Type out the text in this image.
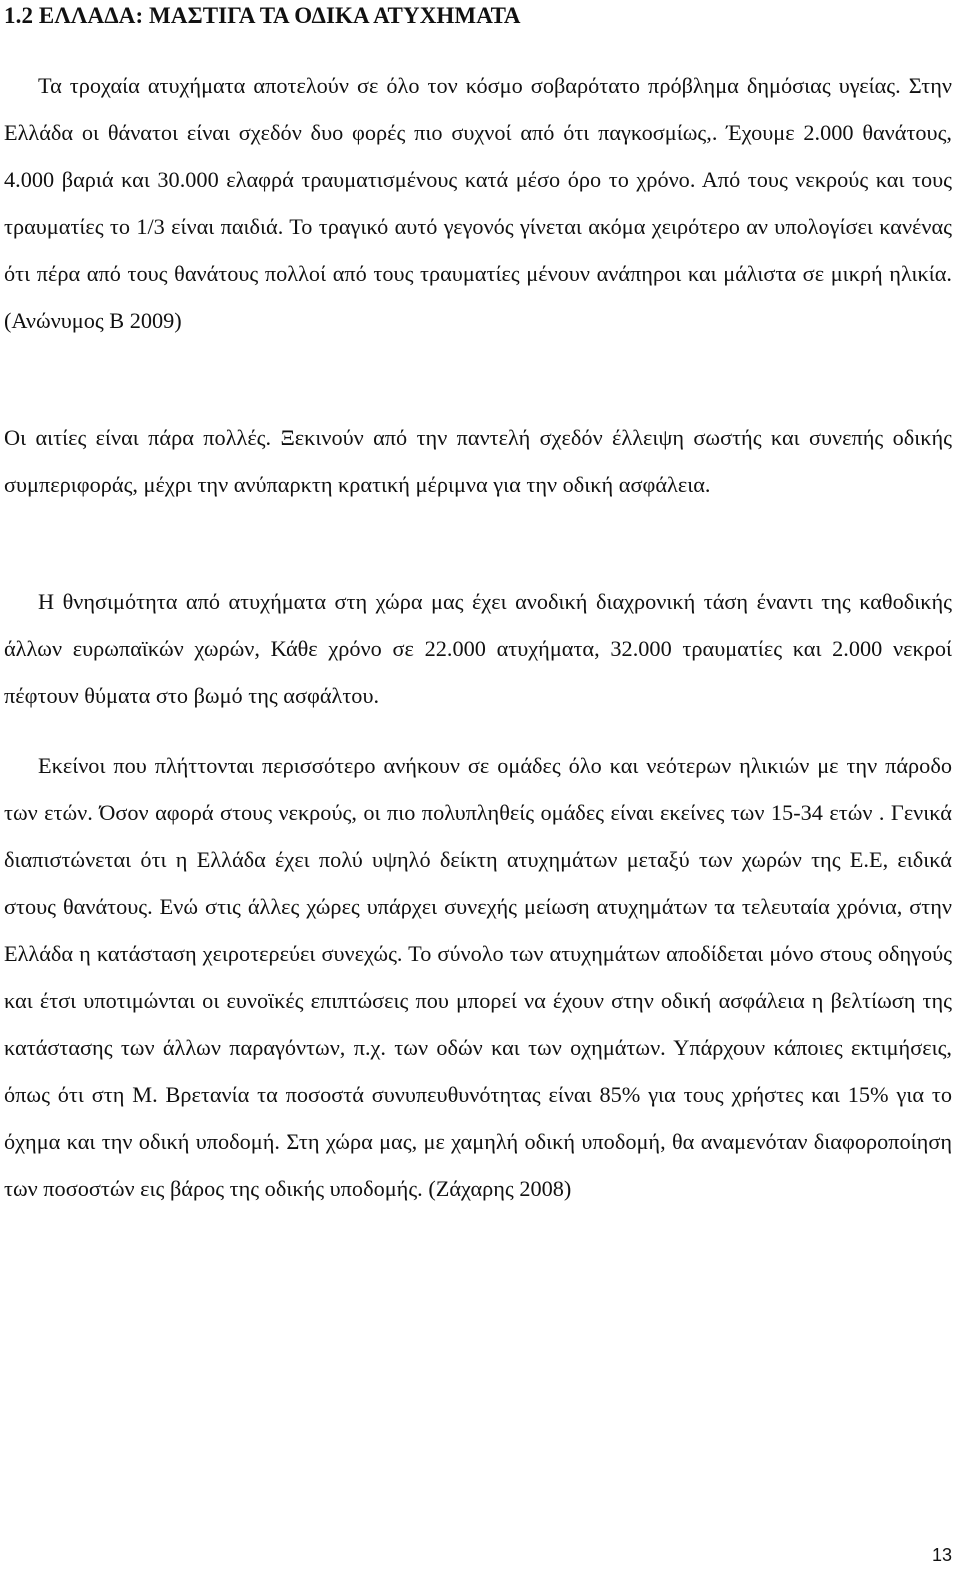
1.2 ΕΛΛΑΔΑ: ΜΑΣΤΙΓΑ ΤΑ ΟΔΙΚΑ ΑΤΥΧΗΜΑΤΑ

Τα τροχαία ατυχήματα αποτελούν σε όλο τον κόσμο σοβαρότατο πρόβλημα δημόσιας υγείας. Στην Ελλάδα οι θάνατοι είναι σχεδόν δυο φορές πιο συχνοί από ότι παγκοσμίως,. Έχουμε 2.000 θανάτους, 4.000 βαριά και 30.000 ελαφρά τραυματισμένους κατά μέσο όρο το χρόνο. Από τους νεκρούς και τους τραυματίες το 1/3 είναι παιδιά. Το τραγικό αυτό γεγονός γίνεται ακόμα χειρότερο αν υπολογίσει κανένας ότι πέρα από τους θανάτους πολλοί από τους τραυματίες μένουν ανάπηροι και μάλιστα σε μικρή ηλικία.(Ανώνυμος Β 2009)

Οι αιτίες είναι πάρα πολλές. Ξεκινούν από την παντελή σχεδόν έλλειψη σωστής και συνεπής οδικής συμπεριφοράς, μέχρι την ανύπαρκτη κρατική μέριμνα για την οδική ασφάλεια.

Η θνησιμότητα από ατυχήματα στη χώρα μας έχει ανοδική διαχρονική τάση έναντι της καθοδικής άλλων ευρωπαϊκών χωρών, Κάθε χρόνο σε 22.000 ατυχήματα, 32.000 τραυματίες και 2.000 νεκροί πέφτουν θύματα στο βωμό της ασφάλτου.

Εκείνοι που πλήττονται περισσότερο ανήκουν σε ομάδες όλο και νεότερων ηλικιών με την πάροδο των ετών. Όσον αφορά στους νεκρούς, οι πιο πολυπληθείς ομάδες είναι εκείνες των 15-34 ετών . Γενικά διαπιστώνεται ότι η Ελλάδα έχει πολύ υψηλό δείκτη ατυχημάτων μεταξύ των χωρών της Ε.Ε, ειδικά στους θανάτους. Ενώ στις άλλες χώρες υπάρχει συνεχής μείωση ατυχημάτων τα τελευταία χρόνια, στην Ελλάδα η κατάσταση χειροτερεύει συνεχώς. Το σύνολο των ατυχημάτων αποδίδεται μόνο στους οδηγούς και έτσι υποτιμώνται οι ευνοϊκές επιπτώσεις που μπορεί να έχουν στην οδική ασφάλεια η βελτίωση της κατάστασης των άλλων παραγόντων, π.χ. των οδών και των οχημάτων. Υπάρχουν κάποιες εκτιμήσεις, όπως ότι στη Μ. Βρετανία τα ποσοστά συνυπευθυνότητας είναι 85% για τους χρήστες και 15% για το όχημα και την οδική υποδομή. Στη χώρα μας, με χαμηλή οδική υποδομή, θα αναμενόταν διαφοροποίηση των ποσοστών εις βάρος της οδικής υποδομής. (Ζάχαρης 2008)

13
